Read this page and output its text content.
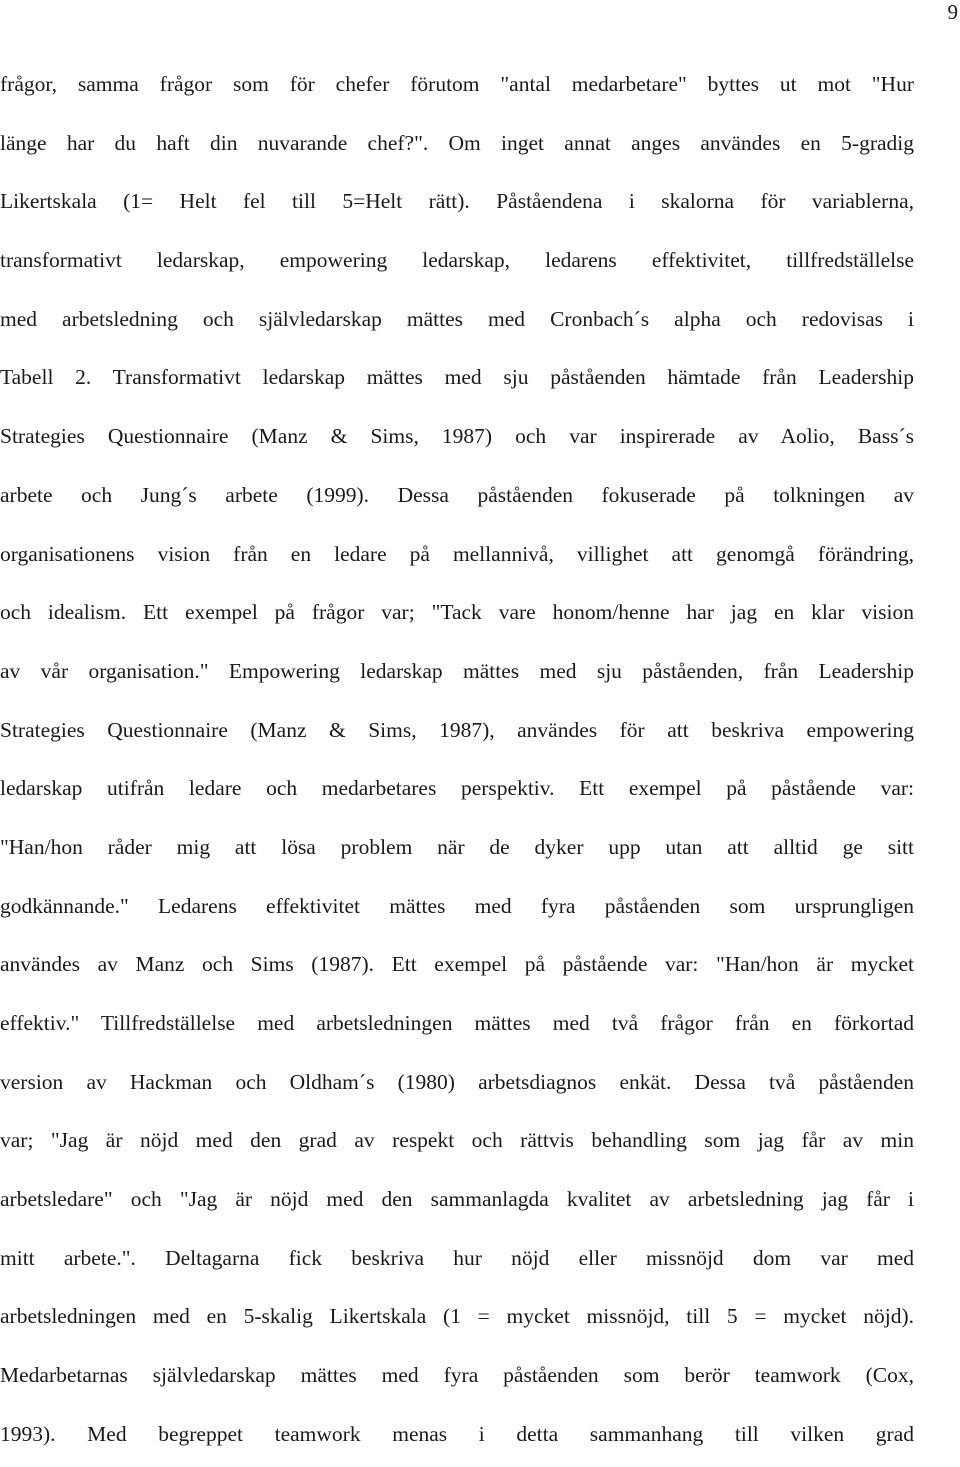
9
frågor, samma frågor som för chefer förutom "antal medarbetare" byttes ut mot "Hur
länge har du haft din nuvarande chef?". Om inget annat anges användes en 5-gradig
Likertskala (1= Helt fel till 5=Helt rätt). Påståendena i skalorna för variablerna,
transformativt ledarskap, empowering ledarskap, ledarens effektivitet, tillfredställelse
med arbetsledning och självledarskap mättes med Cronbach´s alpha och redovisas i
Tabell 2. Transformativt ledarskap mättes med sju påståenden hämtade från Leadership
Strategies Questionnaire (Manz & Sims, 1987) och var inspirerade av Aolio, Bass´s
arbete och Jung´s arbete (1999). Dessa påståenden fokuserade på tolkningen av
organisationens vision från en ledare på mellannivå, villighet att genomgå förändring,
och idealism. Ett exempel på frågor var; "Tack vare honom/henne har jag en klar vision
av vår organisation." Empowering ledarskap mättes med sju påståenden, från Leadership
Strategies Questionnaire (Manz & Sims, 1987), användes för att beskriva empowering
ledarskap utifrån ledare och medarbetares perspektiv. Ett exempel på påstående var:
"Han/hon råder mig att lösa problem när de dyker upp utan att alltid ge sitt
godkännande." Ledarens effektivitet mättes med fyra påståenden som ursprungligen
användes av Manz och Sims (1987). Ett exempel på påstående var: "Han/hon är mycket
effektiv." Tillfredställelse med arbetsledningen mättes med två frågor från en förkortad
version av Hackman och Oldham´s (1980) arbetsdiagnos enkät. Dessa två påståenden
var; "Jag är nöjd med den grad av respekt och rättvis behandling som jag får av min
arbetsledare" och "Jag är nöjd med den sammanlagda kvalitet av arbetsledning jag får i
mitt arbete.". Deltagarna fick beskriva hur nöjd eller missnöjd dom var med
arbetsledningen med en 5-skalig Likertskala (1 = mycket missnöjd, till 5 = mycket nöjd).
Medarbetarnas självledarskap mättes med fyra påståenden som berör teamwork (Cox,
1993). Med begreppet teamwork menas i detta sammanhang till vilken grad
